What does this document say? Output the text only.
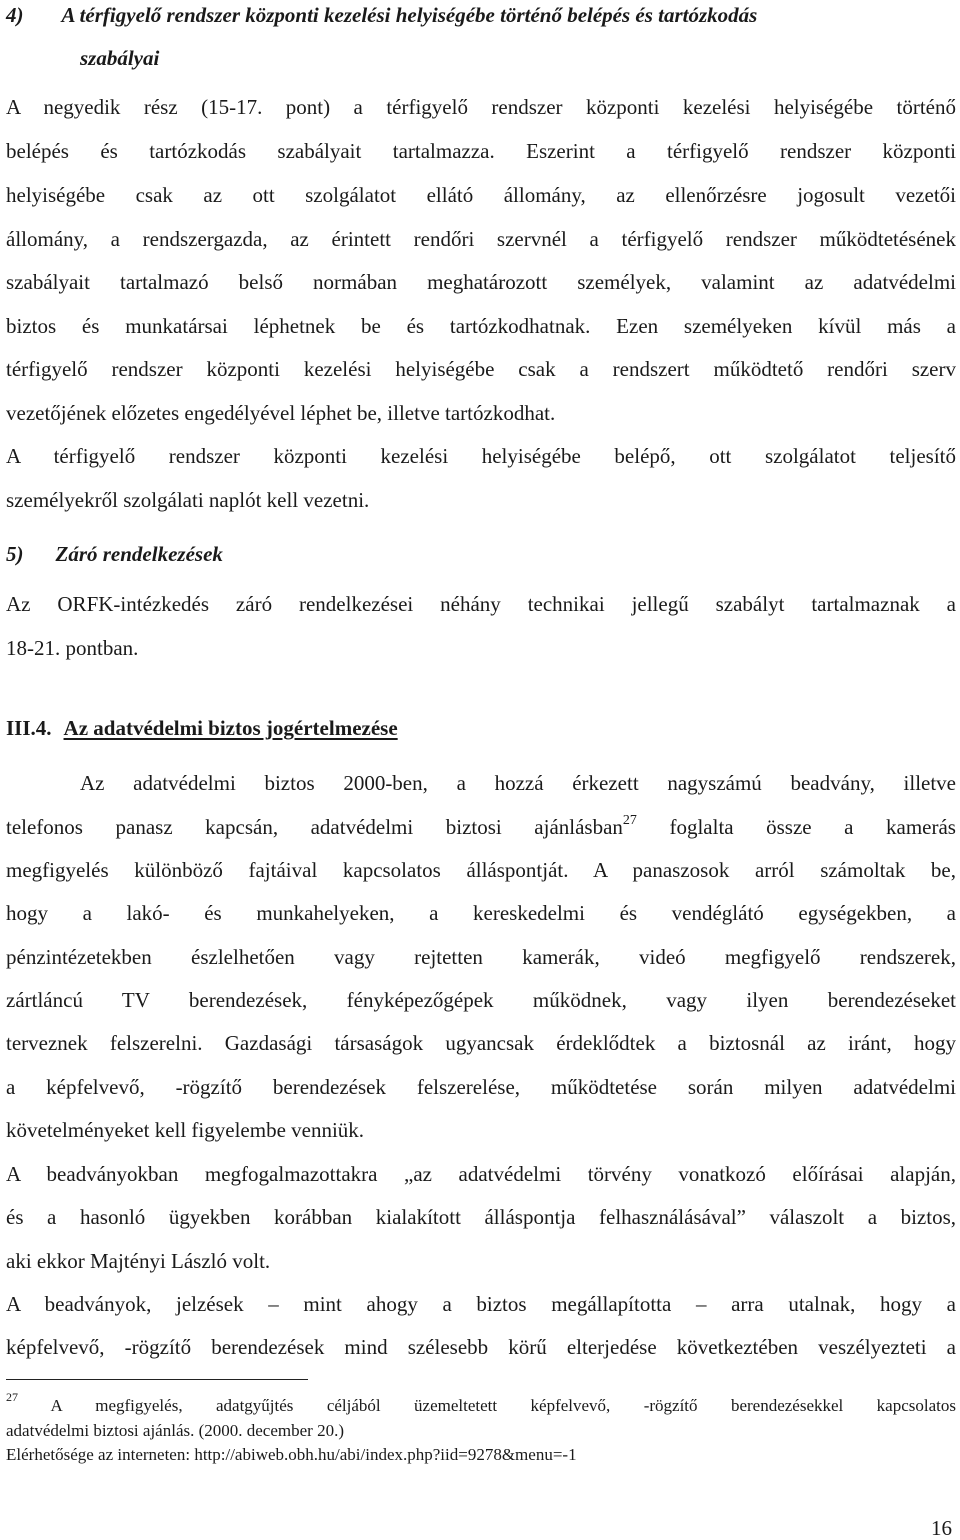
4) A térfigyelő rendszer központi kezelési helyiségébe történő belépés és tartózkodás
szabályai
A negyedik rész (15-17. pont) a térfigyelő rendszer központi kezelési helyiségébe történő
belépés és tartózkodás szabályait tartalmazza. Eszerint a térfigyelő rendszer központi
helyiségébe csak az ott szolgálatot ellátó állomány, az ellenőrzésre jogosult vezetői
állomány, a rendszergazda, az érintett rendőri szervnél a térfigyelő rendszer működtetésének
szabályait tartalmazó belső normában meghatározott személyek, valamint az adatvédelmi
biztos és munkatársai léphetnek be és tartózkodhatnak. Ezen személyeken kívül más a
térfigyelő rendszer központi kezelési helyiségébe csak a rendszert működtető rendőri szerv
vezetőjének előzetes engedélyével léphet be, illetve tartózkodhat.
A térfigyelő rendszer központi kezelési helyiségébe belépő, ott szolgálatot teljesítő
személyekről szolgálati naplót kell vezetni.
5) Záró rendelkezések
Az ORFK-intézkedés záró rendelkezései néhány technikai jellegű szabályt tartalmaznak a
18-21. pontban.
III.4. Az adatvédelmi biztos jogértelmezése
Az adatvédelmi biztos 2000-ben, a hozzá érkezett nagyszámú beadvány, illetve
telefonos panasz kapcsán, adatvédelmi biztosi ajánlásban$^{27}$ foglalta össze a kamerás
megfigyelés különböző fajtáival kapcsolatos álláspontját. A panaszosok arról számoltak be,
hogy a lakó- és munkahelyeken, a kereskedelmi és vendéglátó egységekben, a
pénzintézetekben észlelhetően vagy rejtetten kamerák, videó megfigyelő rendszerek,
zártláncú TV berendezések, fényképezőgépek működnek, vagy ilyen berendezéseket
terveznek felszerelni. Gazdasági társaságok ugyancsak érdeklődtek a biztosnál az iránt, hogy
a képfelvevő, -rögzítő berendezések felszerelése, működtetése során milyen adatvédelmi
követelményeket kell figyelembe venniük.
A beadványokban megfogalmazottakra „az adatvédelmi törvény vonatkozó előírásai alapján,
és a hasonló ügyekben korábban kialakított álláspontja felhasználásával” válaszolt a biztos,
aki ekkor Majtényi László volt.
A beadványok, jelzések – mint ahogy a biztos megállapította – arra utalnak, hogy a
képfelvevő, -rögzítő berendezések mind szélesebb körű elterjedése következtében veszélyezteti a
$^{27}$ A megfigyelés, adatgyűjtés céljából üzemeltetett képfelvevő, -rögzítő berendezésekkel kapcsolatos
adatvédelmi biztosi ajánlás. (2000. december 20.)
Elérhetősége az interneten: http://abiweb.obh.hu/abi/index.php?iid=9278&menu=-1
16
